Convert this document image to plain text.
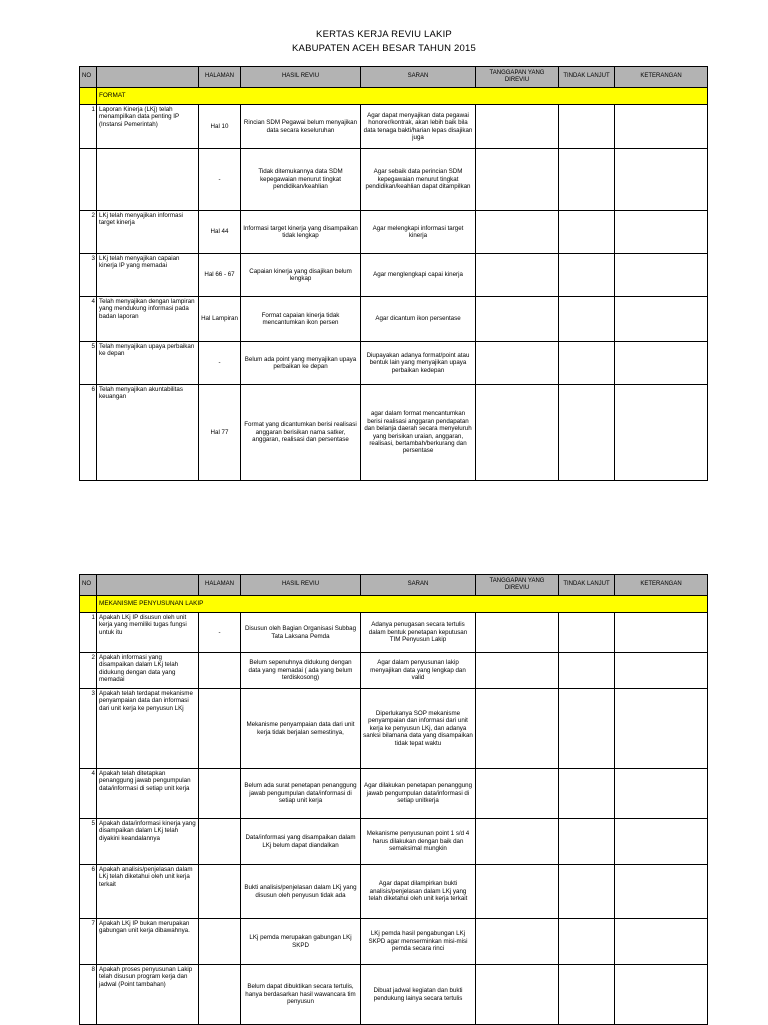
KERTAS KERJA REVIU LAKIP
KABUPATEN ACEH BESAR TAHUN 2015
NO		HALAMAN	HASIL REVIU	SARAN	TANGGAPAN YANG DIREVIU	TINDAK LANJUT	KETERANGAN
	FORMAT						
1	Laporan Kinerja (LKj) telah menampilkan data penting IP (Instansi Pemerintah)	Hal 10	Rincian SDM Pegawai belum menyajikan data secara keseluruhan	Agar dapat menyajikan data pegawai honorer/kontrak, akan lebih baik bila data tenaga bakti/harian lepas disajikan juga			
		-	Tidak ditemukannya data SDM kepegawaian menurut tingkat pendidikan/keahlian	Agar sebaik data perincian SDM kepegawaian menurut tingkat pendidikan/keahlian dapat ditampilkan			
2	LKj telah menyajikan informasi target kinerja	Hal 44	Informasi target kinerja yang disampaikan tidak lengkap	Agar melengkapi informasi target kinerja			
3	LKj telah menyajikan capaian kinerja IP yang memadai	Hal 66 - 67	Capaian kinerja yang disajikan belum lengkap	Agar menglengkapi capai kinerja			
4	Telah menyajikan dengan lampiran yang mendukung informasi pada badan laporan	Hal Lampiran	Format capaian kinerja tidak mencantumkan ikon persen	Agar dicantum ikon persentase			
5	Telah menyajikan upaya perbaikan ke depan	-	Belum ada point yang menyajikan upaya perbaikan ke depan	Diupayakan adanya format/point atau bentuk lain yang menyajikan upaya perbaikan kedepan			
6	Telah menyajikan akuntabilitas keuangan	Hal 77	Format yang dicantumkan berisi realisasi anggaran berisikan nama satker, anggaran, realisasi dan persentase	agar dalam format mencantumkan berisi realisasi anggaran pendapatan dan belanja daerah secara menyeluruh yang berisikan uraian, anggaran, realisasi, bertambah/berkurang dan persentase			
NO		HALAMAN	HASIL REVIU	SARAN	TANGGAPAN YANG DIREVIU	TINDAK LANJUT	KETERANGAN
	MEKANISME PENYUSUNAN LAKIP						
1	Apakah LKj IP disusun oleh unit kerja yang memiliki tugas fungsi untuk itu	-	Disusun oleh Bagian Organisasi Subbag Tata Laksana Pemda	Adanya penugasan secara tertulis dalam bentuk penetapan keputusan TIM Penyusun Lakip			
2	Apakah informasi yang disampaikan dalam LKj telah didukung dengan data yang memadai		Belum sepenuhnya didukung dengan data yang memadai ( ada yang belum terdiskosong)	Agar dalam penyusunan lakip menyajikan data yang lengkap dan valid			
3	Apakah telah terdapat mekanisme penyampaian data dan informasi dari unit kerja ke penyusun LKj		Mekanisme penyampaian data dari unit kerja tidak berjalan semestinya,	Diperlukanya SOP mekanisme penyampaian dan informasi dari unit kerja ke penyusun LKj, dan adanya sanksi bilamana data yang disampaikan tidak tepat waktu			
4	Apakah telah ditetapkan penanggung jawab pengumpulan data/informasi di setiap unit kerja		Belum ada surat penetapan penanggung jawab pengumpulan data/informasi di setiap unit kerja	Agar dilakukan penetapan penanggung jawab pengumpulan data/informasi di setiap unitkerja			
5	Apakah data/informasi kinerja yang disampaikan dalam LKj telah diyakini keandalannya		Data/informasi yang disampaikan dalam LKj belum dapat diandalkan	Mekanisme penyusunan point 1 s/d 4 harus dilakukan dengan baik dan semaksimal mungkin			
6	Apakah analisis/penjelasan dalam LKj telah diketahui oleh unit kerja terkait		Bukti analisis/penjelasan dalam LKj yang disusun oleh penyusun tidak ada	Agar dapat dilampirkan bukti analisis/penjelasan dalam LKj yang telah diketahui oleh unit kerja terkait			
7	Apakah LKj IP bukan merupakan gabungan unit kerja dibawahnya.		LKj pemda merupakan gabungan LKj SKPD	LKj pemda hasil pengabungan LKj SKPD agar menserminkan misi-misi pemda secara rinci			
8	Apakah proses penyusunan Lakip telah disusun program kerja dan jadwal (Point tambahan)		Belum dapat dibuktikan secara tertulis, hanya berdasarkan hasil wawancara tim penyusun	Dibuat jadwal kegiatan dan bukti pendukung lainya secara tertulis			
